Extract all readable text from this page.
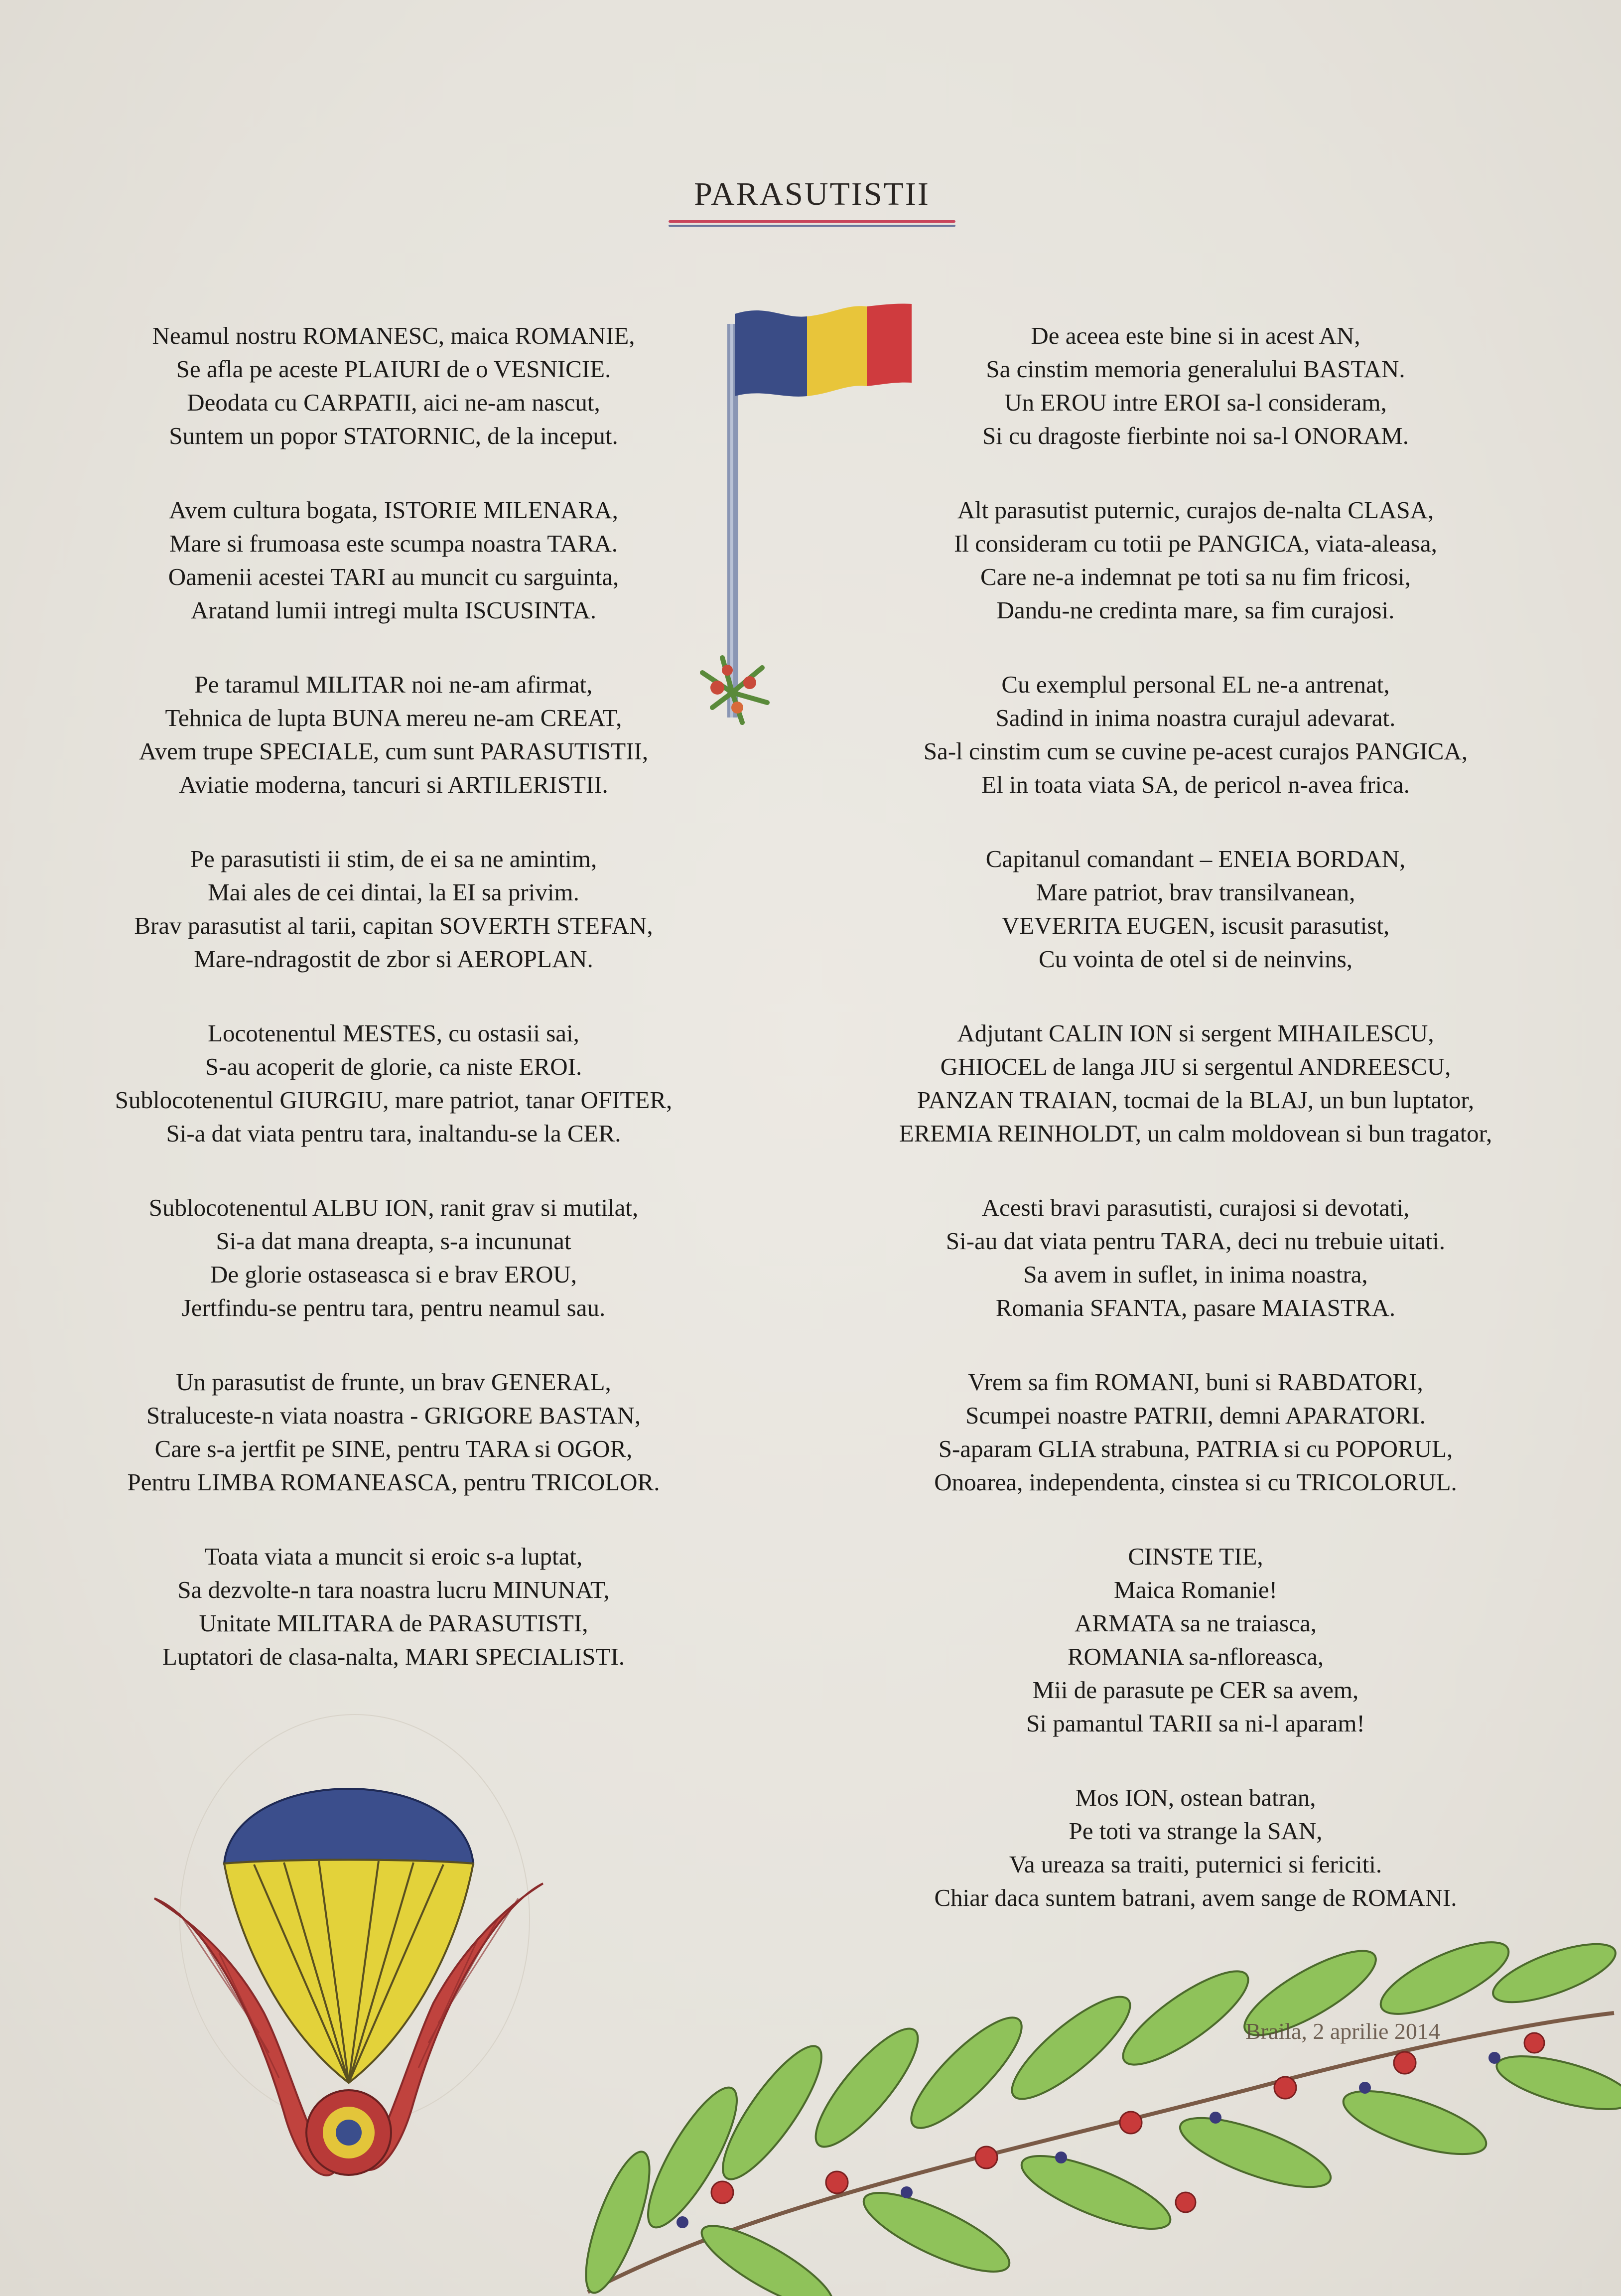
PARASUTISTII

Neamul nostru ROMANESC, maica ROMANIE,

Se afla pe aceste PLAIURI de o VESNICIE.

Deodata cu CARPATII, aici ne-am nascut,

Suntem un popor STATORNIC, de la inceput.

Avem cultura bogata, ISTORIE MILENARA,

Mare si frumoasa este scumpa noastra TARA.

Oamenii acestei TARI au muncit cu sarguinta,

Aratand lumii intregi multa ISCUSINTA.

Pe taramul MILITAR noi ne-am afirmat,

Tehnica de lupta BUNA mereu ne-am CREAT,

Avem trupe SPECIALE, cum sunt PARASUTISTII,

Aviatie moderna, tancuri si ARTILERISTII.

Pe parasutisti ii stim, de ei sa ne amintim,

Mai ales de cei dintai, la EI sa privim.

Brav parasutist al tarii, capitan SOVERTH STEFAN,

Mare-ndragostit de zbor si AEROPLAN.

Locotenentul MESTES, cu ostasii sai,

S-au acoperit de glorie, ca niste EROI.

Sublocotenentul GIURGIU, mare patriot, tanar OFITER,

Si-a dat viata pentru tara, inaltandu-se la CER.

Sublocotenentul ALBU ION, ranit grav si mutilat,

Si-a dat mana dreapta, s-a incununat

De glorie ostaseasca si e brav EROU,

Jertfindu-se pentru tara, pentru neamul sau.

Un parasutist de frunte, un brav GENERAL,

Straluceste-n viata noastra - GRIGORE BASTAN,

Care s-a jertfit pe SINE, pentru TARA si OGOR,

Pentru LIMBA ROMANEASCA, pentru TRICOLOR.

Toata viata a muncit si eroic s-a luptat,

Sa dezvolte-n tara noastra lucru MINUNAT,

Unitate MILITARA de PARASUTISTI,

Luptatori de clasa-nalta, MARI SPECIALISTI.

De aceea este bine si in acest AN,

Sa cinstim memoria generalului BASTAN.

Un EROU intre EROI sa-l consideram,

Si cu dragoste fierbinte noi sa-l ONORAM.

Alt parasutist puternic, curajos de-nalta CLASA,

Il consideram cu totii pe PANGICA, viata-aleasa,

Care ne-a indemnat pe toti sa nu fim fricosi,

Dandu-ne credinta mare, sa fim curajosi.

Cu exemplul personal EL ne-a antrenat,

Sadind in inima noastra curajul adevarat.

Sa-l cinstim cum se cuvine pe-acest curajos PANGICA,

El in toata viata SA, de pericol n-avea frica.

Capitanul comandant – ENEIA BORDAN,

Mare patriot, brav transilvanean,

VEVERITA EUGEN, iscusit parasutist,

Cu vointa de otel si de neinvins,

Adjutant CALIN ION si sergent MIHAILESCU,

GHIOCEL de langa JIU si sergentul ANDREESCU,

PANZAN TRAIAN, tocmai de la BLAJ, un bun luptator,

EREMIA REINHOLDT, un calm moldovean si bun tragator,

Acesti bravi parasutisti, curajosi si devotati,

Si-au dat viata pentru TARA, deci nu trebuie uitati.

Sa avem in suflet, in inima noastra,

Romania SFANTA, pasare MAIASTRA.

Vrem sa fim ROMANI, buni si RABDATORI,

Scumpei noastre PATRII, demni APARATORI.

S-aparam GLIA strabuna, PATRIA si cu POPORUL,

Onoarea, independenta, cinstea si cu TRICOLORUL.

CINSTE TIE,

Maica Romanie!

ARMATA sa ne traiasca,

ROMANIA sa-nfloreasca,

Mii de parasute pe CER sa avem,

Si pamantul TARII sa ni-l aparam!

Mos ION, ostean batran,

Pe toti va strange la SAN,

Va ureaza sa traiti, puternici si fericiti.

Chiar daca suntem batrani, avem sange de ROMANI.

Braila, 2 aprilie 2014
